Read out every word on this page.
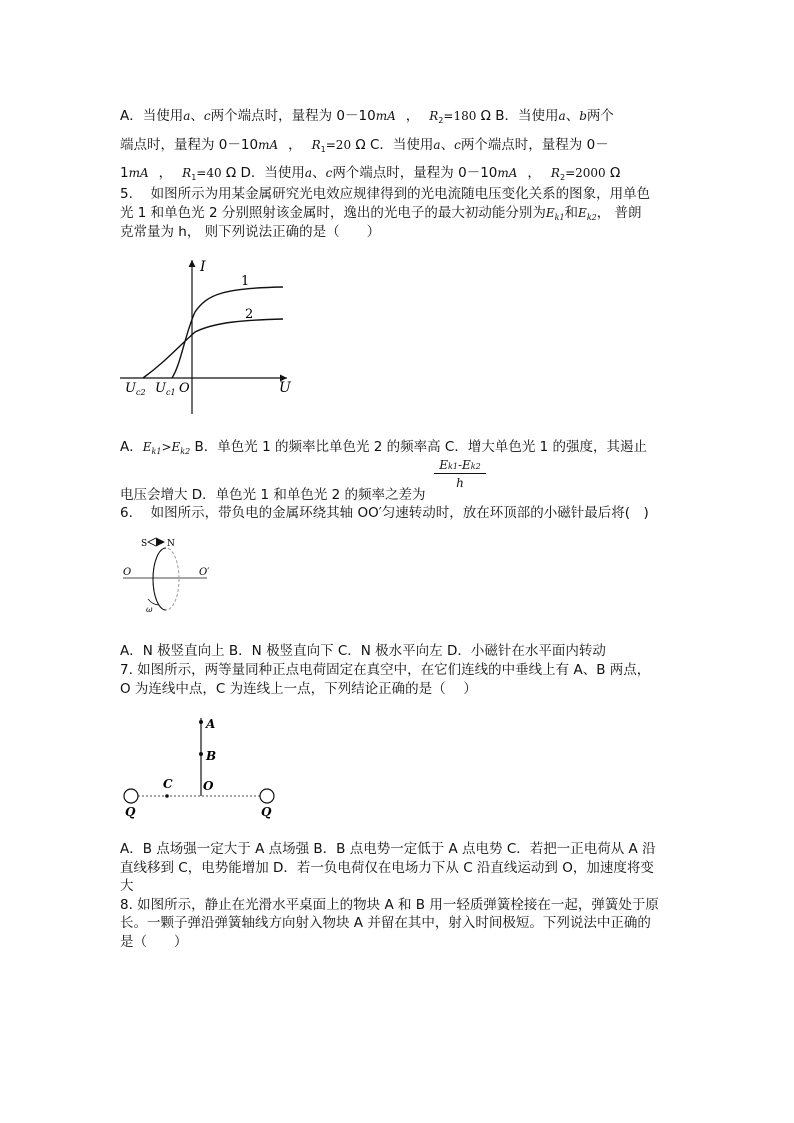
A．当使用a、c两个端点时，量程为 0－10mA ， $R_2=180$ Ω B．当使用a、b两个
端点时，量程为 0－10mA ， $R_1=20$ Ω C．当使用a、c两个端点时，量程为 0－
1mA ， $R_1=40$ Ω D．当使用a、c两个端点时，量程为 0－10mA ， $R_2=2000$ Ω
5.　 如图所示为用某金属研究光电效应规律得到的光电流随电压变化关系的图象，用单色
光 1 和单色光 2 分别照射该金属时，逸出的光电子的最大初动能分别为$E_{k1}$和$E_{k2}$， 普朗
克常量为 h， 则下列说法正确的是（　　）
I
U
1
2
O
$U_{c2}$ $U_{c1}$
A．$E_{k1}>E_{k2}$ B．单色光 1 的频率比单色光 2 的频率高 C．增大单色光 1 的强度，其遏止
$\frac{Ek1-Ek2}{h}$
电压会增大 D．单色光 1 和单色光 2 的频率之差为
6.　 如图所示，带负电的金属环绕其轴 OO′匀速转动时，放在环顶部的小磁针最后将(　)
S N
O	O′
ω
A．N 极竖直向上 B．N 极竖直向下 C．N 极水平向左 D．小磁针在水平面内转动
7. 如图所示，两等量同种正点电荷固定在真空中，在它们连线的中垂线上有 A、B 两点，
O 为连线中点，C 为连线上一点，下列结论正确的是（　 ）
A
B
C	O
Q	Q
A．B 点场强一定大于 A 点场强 B．B 点电势一定低于 A 点电势 C．若把一正电荷从 A 沿
直线移到 C，电势能增加 D．若一负电荷仅在电场力下从 C 沿直线运动到 O，加速度将变
大
8. 如图所示，静止在光滑水平桌面上的物块 A 和 B 用一轻质弹簧栓接在一起，弹簧处于原
长。一颗子弹沿弹簧轴线方向射入物块 A 并留在其中，射入时间极短。下列说法中正确的
是（　　）
